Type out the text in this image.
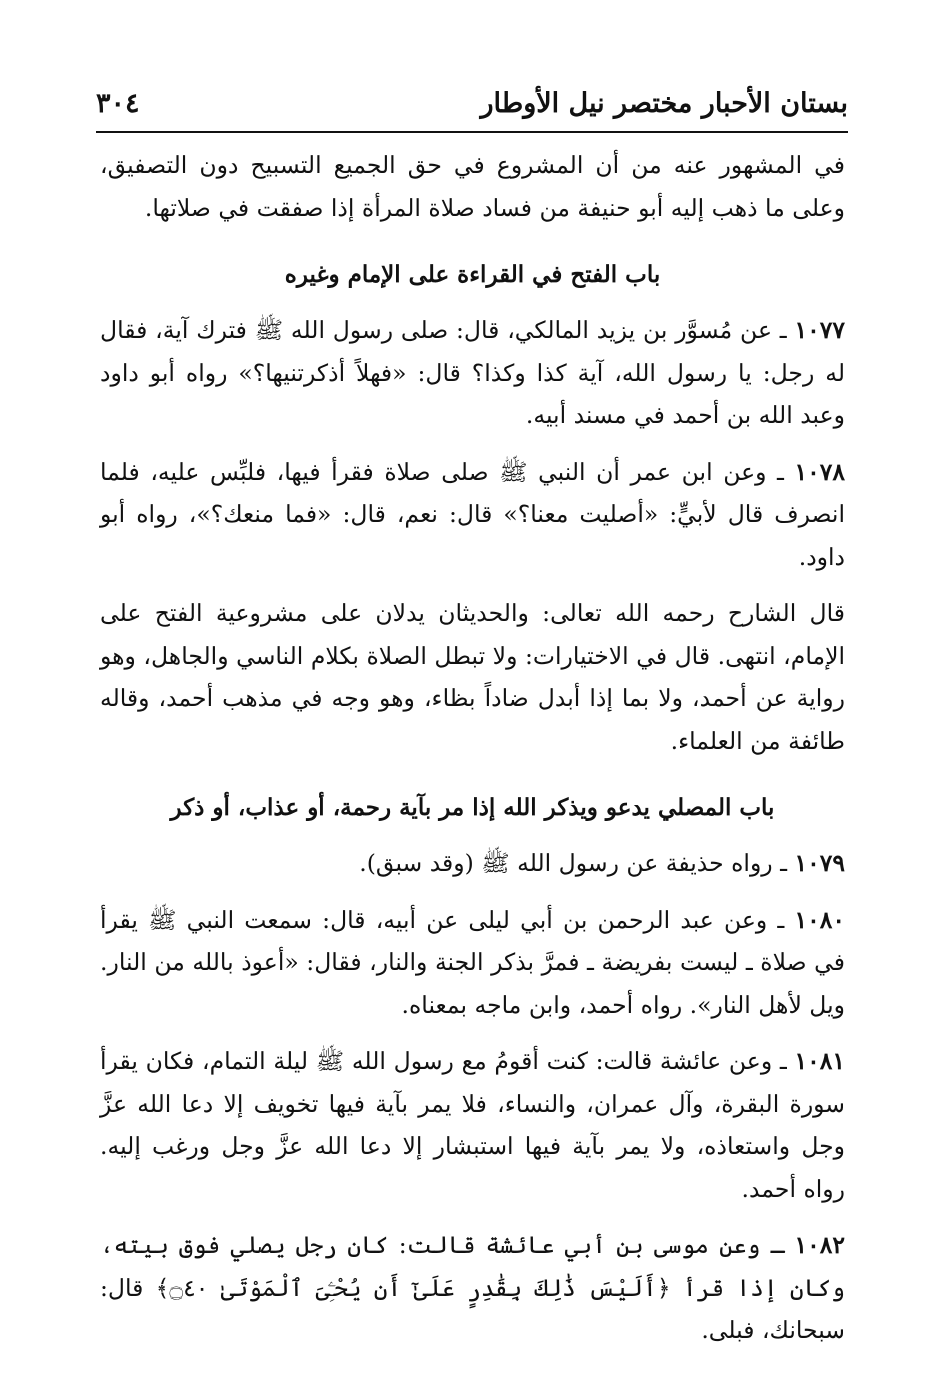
بستان الأحبار مختصر نيل الأوطار
٣٠٤

في المشهور عنه من أن المشروع في حق الجميع التسبيح دون التصفيق، وعلى ما ذهب إليه أبو حنيفة من فساد صلاة المرأة إذا صفقت في صلاتها.

باب الفتح في القراءة على الإمام وغيره

١٠٧٧ ـ عن مُسوَّر بن يزيد المالكي، قال: صلى رسول الله ﷺ فترك آية، فقال له رجل: يا رسول الله، آية كذا وكذا؟ قال: «فهلاً أذكرتنيها؟» رواه أبو داود وعبد الله بن أحمد في مسند أبيه.

١٠٧٨ ـ وعن ابن عمر أن النبي ﷺ صلى صلاة فقرأ فيها، فلبِّس عليه، فلما انصرف قال لأبيٍّ: «أصليت معنا؟» قال: نعم، قال: «فما منعك؟»، رواه أبو داود.

قال الشارح رحمه الله تعالى: والحديثان يدلان على مشروعية الفتح على الإمام، انتهى. قال في الاختيارات: ولا تبطل الصلاة بكلام الناسي والجاهل، وهو رواية عن أحمد، ولا بما إذا أبدل ضاداً بظاء، وهو وجه في مذهب أحمد، وقاله طائفة من العلماء.

باب المصلي يدعو ويذكر الله إذا مر بآية رحمة، أو عذاب، أو ذكر

١٠٧٩ ـ رواه حذيفة عن رسول الله ﷺ (وقد سبق).

١٠٨٠ ـ وعن عبد الرحمن بن أبي ليلى عن أبيه، قال: سمعت النبي ﷺ يقرأ في صلاة ـ ليست بفريضة ـ فمرَّ بذكر الجنة والنار، فقال: «أعوذ بالله من النار. ويل لأهل النار». رواه أحمد، وابن ماجه بمعناه.

١٠٨١ ـ وعن عائشة قالت: كنت أقومُ مع رسول الله ﷺ ليلة التمام، فكان يقرأ سورة البقرة، وآل عمران، والنساء، فلا يمر بآية فيها تخويف إلا دعا الله عزَّ وجل واستعاذه، ولا يمر بآية فيها استبشار إلا دعا الله عزَّ وجل ورغب إليه. رواه أحمد.

١٠٨٢ ـ وعن موسى بن أبي عائشة قالت: كان رجل يصلي فوق بيته، وكان إذا قرأ ﴿أَلَيْسَ ذَٰلِكَ بِقَٰدِرٍ عَلَىٰٓ أَن يُحْـِۧىَ ٱلْمَوْتَىٰ ۝٤٠﴾ قال: سبحانك، فبلى.
